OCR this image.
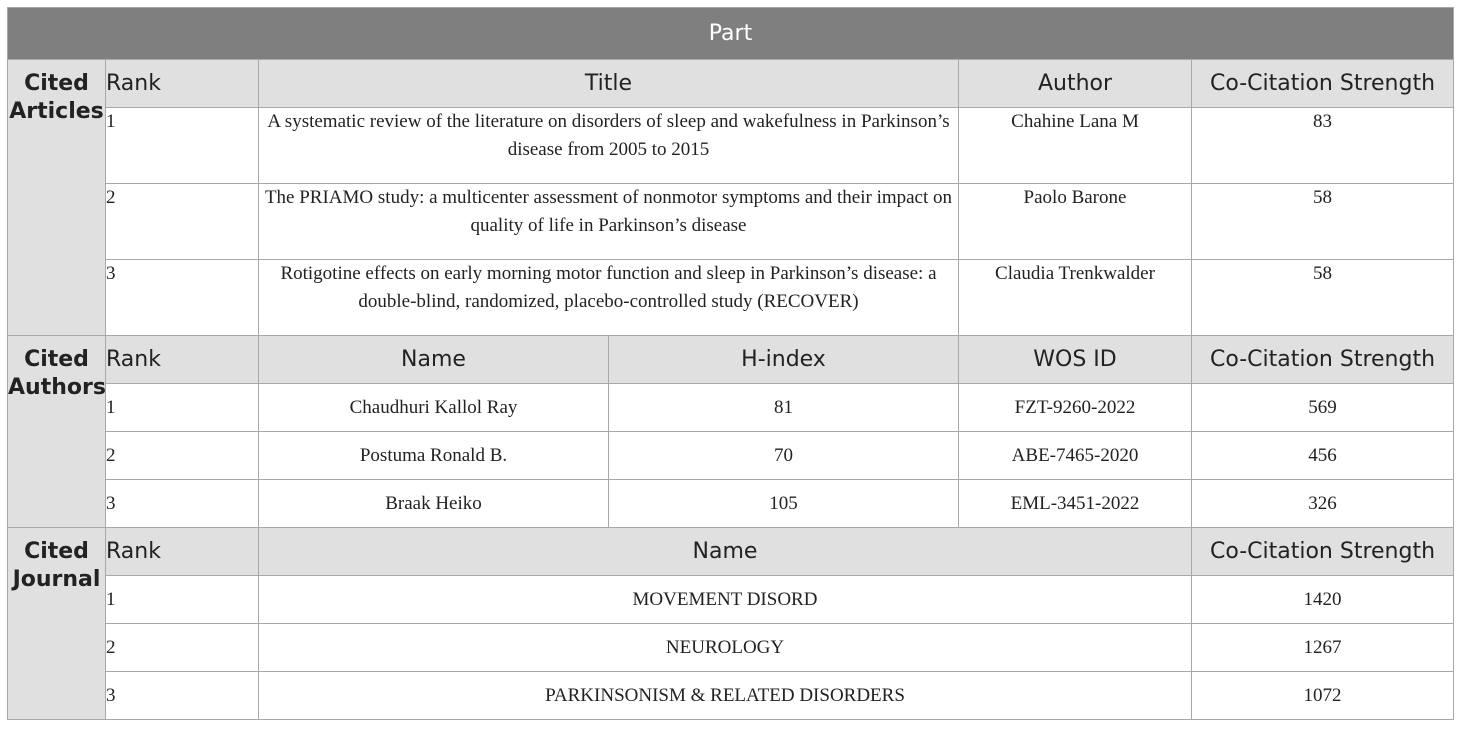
Part					
Cited
Articles	Rank	Title		Author	Co-Citation Strength
	1	A systematic review of the literature on disorders of sleep and wakefulness in Parkinson’s disease from 2005 to 2015		Chahine Lana M	83
	2	The PRIAMO study: a multicenter assessment of nonmotor symptoms and their impact on quality of life in Parkinson’s disease		Paolo Barone	58
	3	Rotigotine effects on early morning motor function and sleep in Parkinson’s disease: a double-blind, randomized, placebo-controlled study (RECOVER)		Claudia Trenkwalder	58
Cited
Authors	Rank	Name	H-index	WOS ID	Co-Citation Strength
	1	Chaudhuri Kallol Ray	81	FZT-9260-2022	569
	2	Postuma Ronald B.	70	ABE-7465-2020	456
	3	Braak Heiko	105	EML-3451-2022	326
Cited
Journal	Rank	Name			Co-Citation Strength
	1	MOVEMENT DISORD			1420
	2	NEUROLOGY			1267
	3	PARKINSONISM & RELATED DISORDERS			1072
